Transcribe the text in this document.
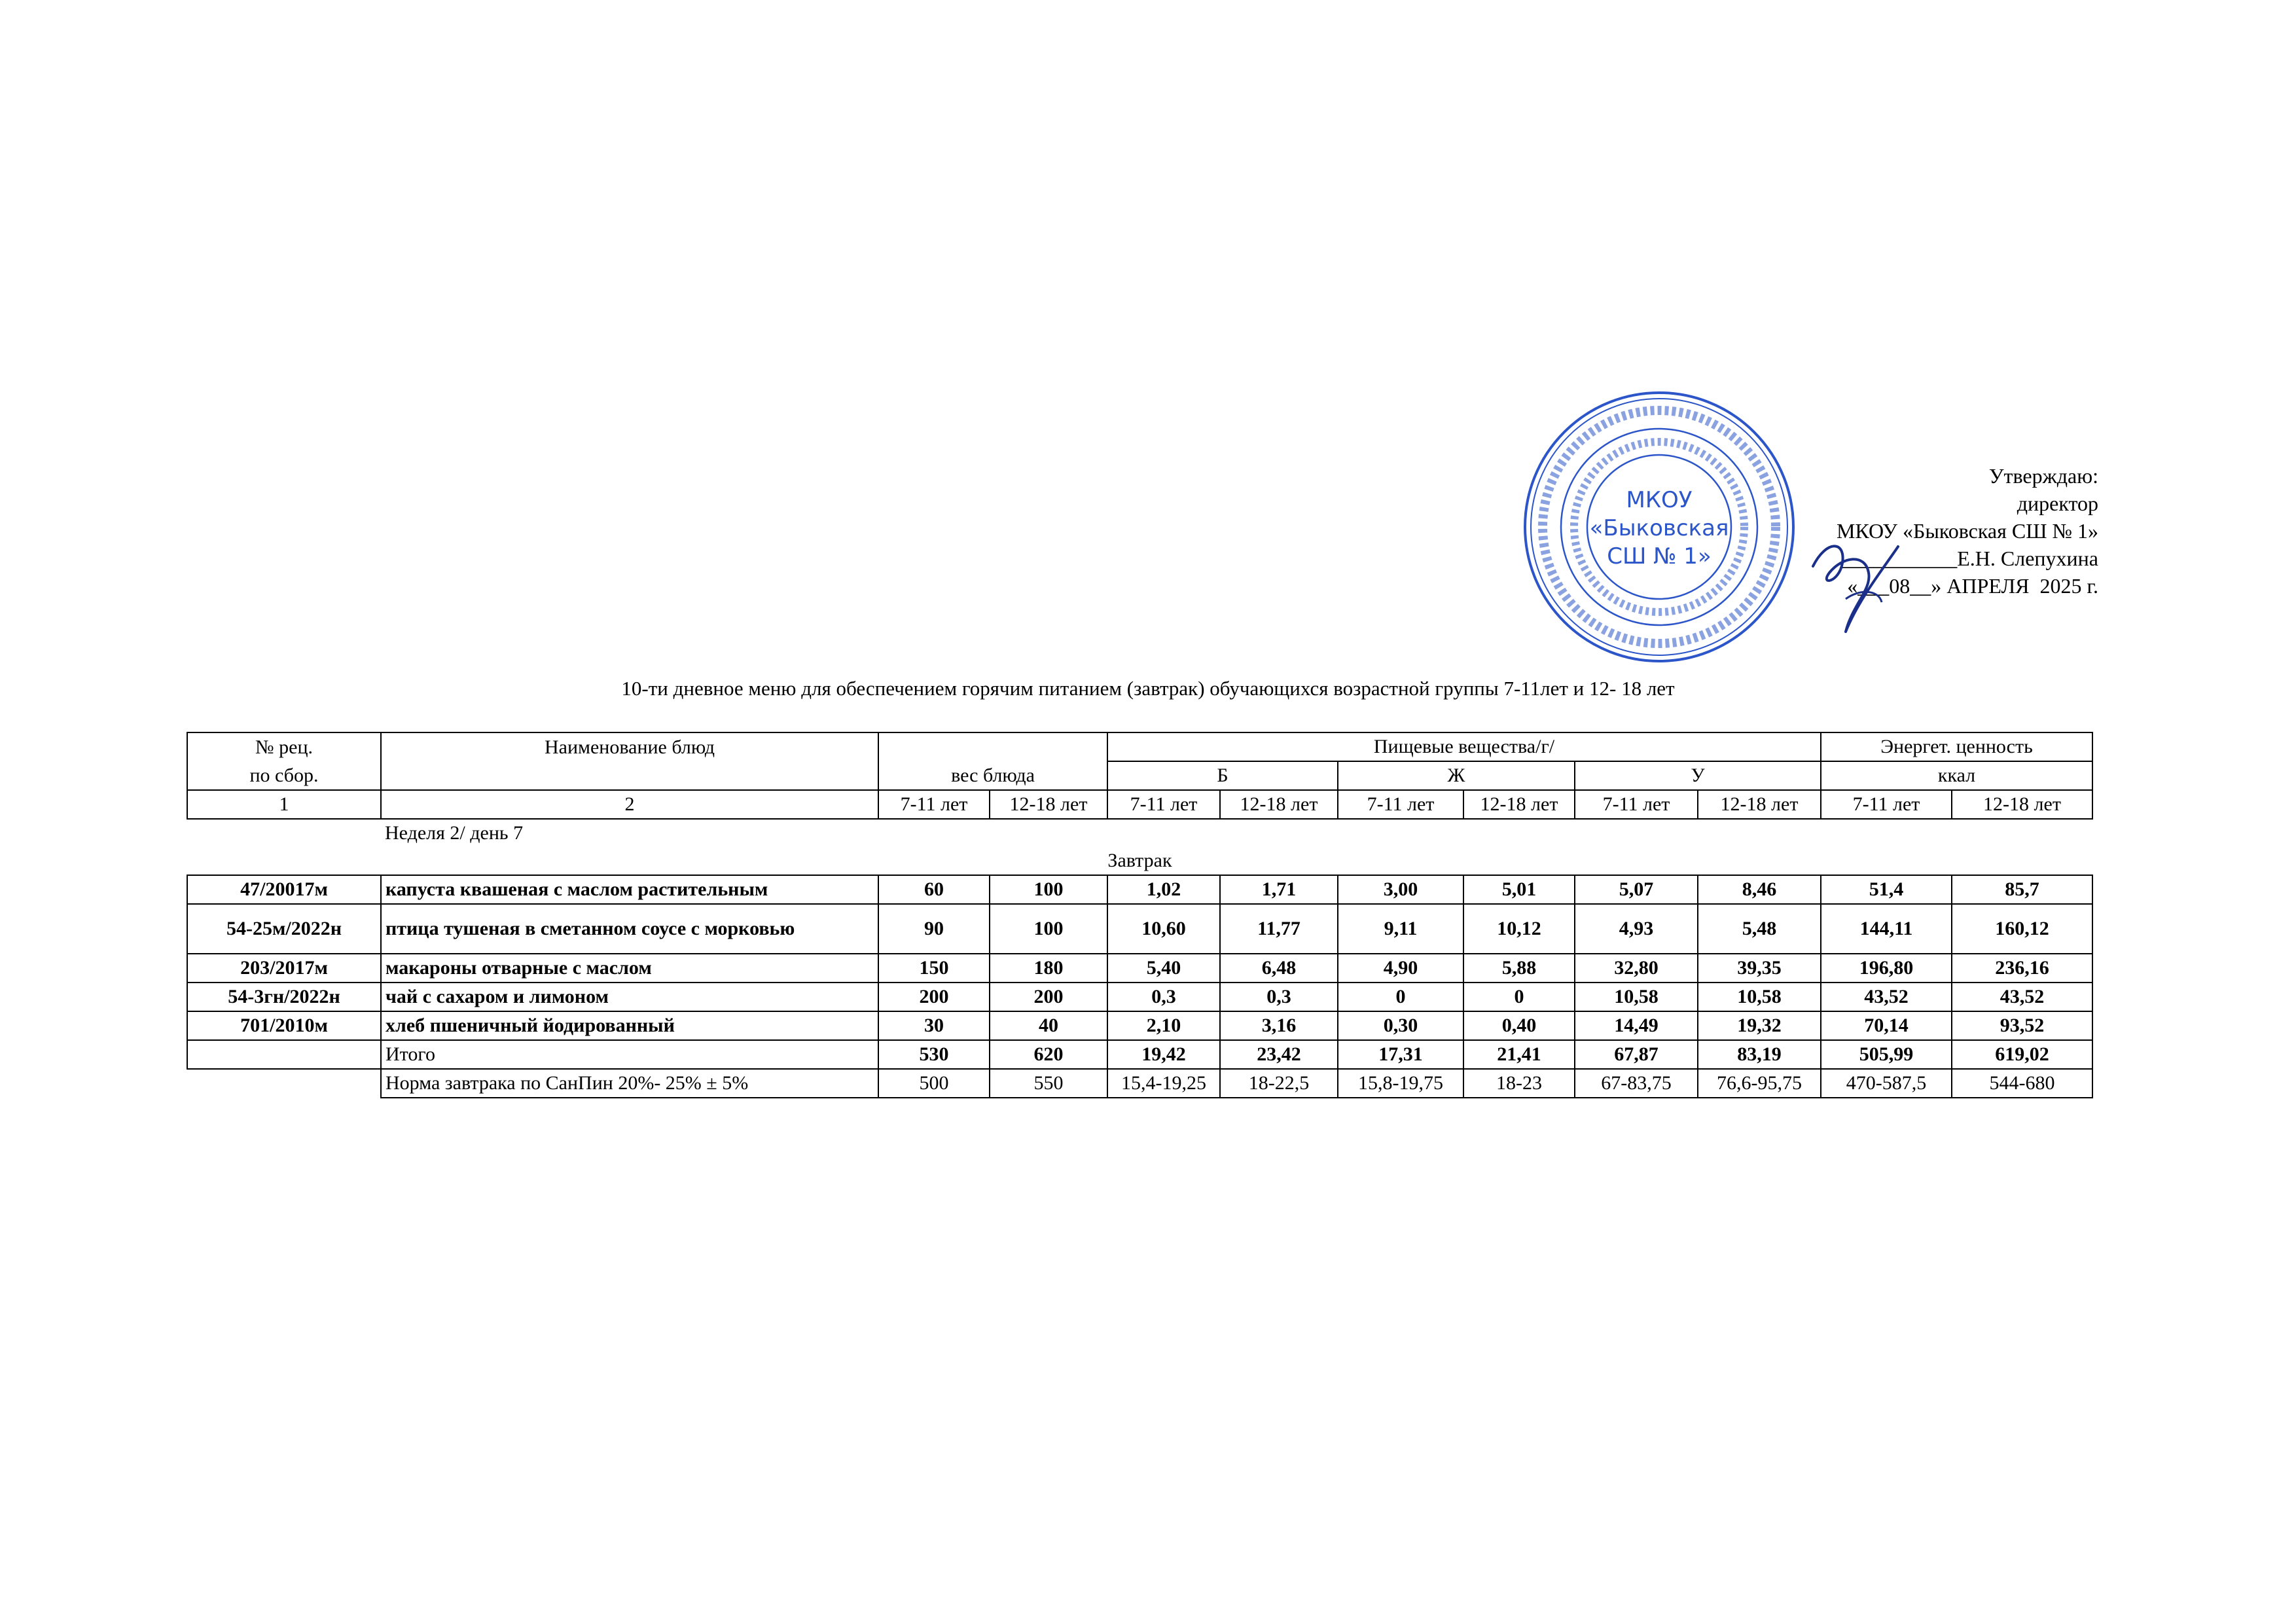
Утверждаю:
директор
МКОУ «Быковская СШ № 1»
___________Е.Н. Слепухина
«___08__» АПРЕЛЯ  2025 г.
МКОУ
«Быковская
СШ № 1»
10-ти дневное меню для обеспечением горячим питанием (завтрак) обучающихся возрастной группы 7-11лет и 12- 18 лет
№ рец.	Наименование блюд			Пищевые вещества/г/						Энергет. ценность	
по сбор.		вес блюда		Б		Ж		У		ккал	
1	2	7-11 лет	12-18 лет	7-11 лет	12-18 лет	7-11 лет	12-18 лет	7-11 лет	12-18 лет	7-11 лет	12-18 лет
	Неделя 2/ день 7										
Завтрак											
47/20017м	капуста квашеная с маслом растительным	60	100	1,02	1,71	3,00	5,01	5,07	8,46	51,4	85,7
54-25м/2022н	птица тушеная в сметанном соусе с морковью	90	100	10,60	11,77	9,11	10,12	4,93	5,48	144,11	160,12
203/2017м	макароны отварные с маслом	150	180	5,40	6,48	4,90	5,88	32,80	39,35	196,80	236,16
54-3гн/2022н	чай с сахаром и лимоном	200	200	0,3	0,3	0	0	10,58	10,58	43,52	43,52
701/2010м	хлеб пшеничный йодированный	30	40	2,10	3,16	0,30	0,40	14,49	19,32	70,14	93,52
	Итого	530	620	19,42	23,42	17,31	21,41	67,87	83,19	505,99	619,02
	Норма завтрака по СанПин 20%- 25% ± 5%	500	550	15,4-19,25	18-22,5	15,8-19,75	18-23	67-83,75	76,6-95,75	470-587,5	544-680
